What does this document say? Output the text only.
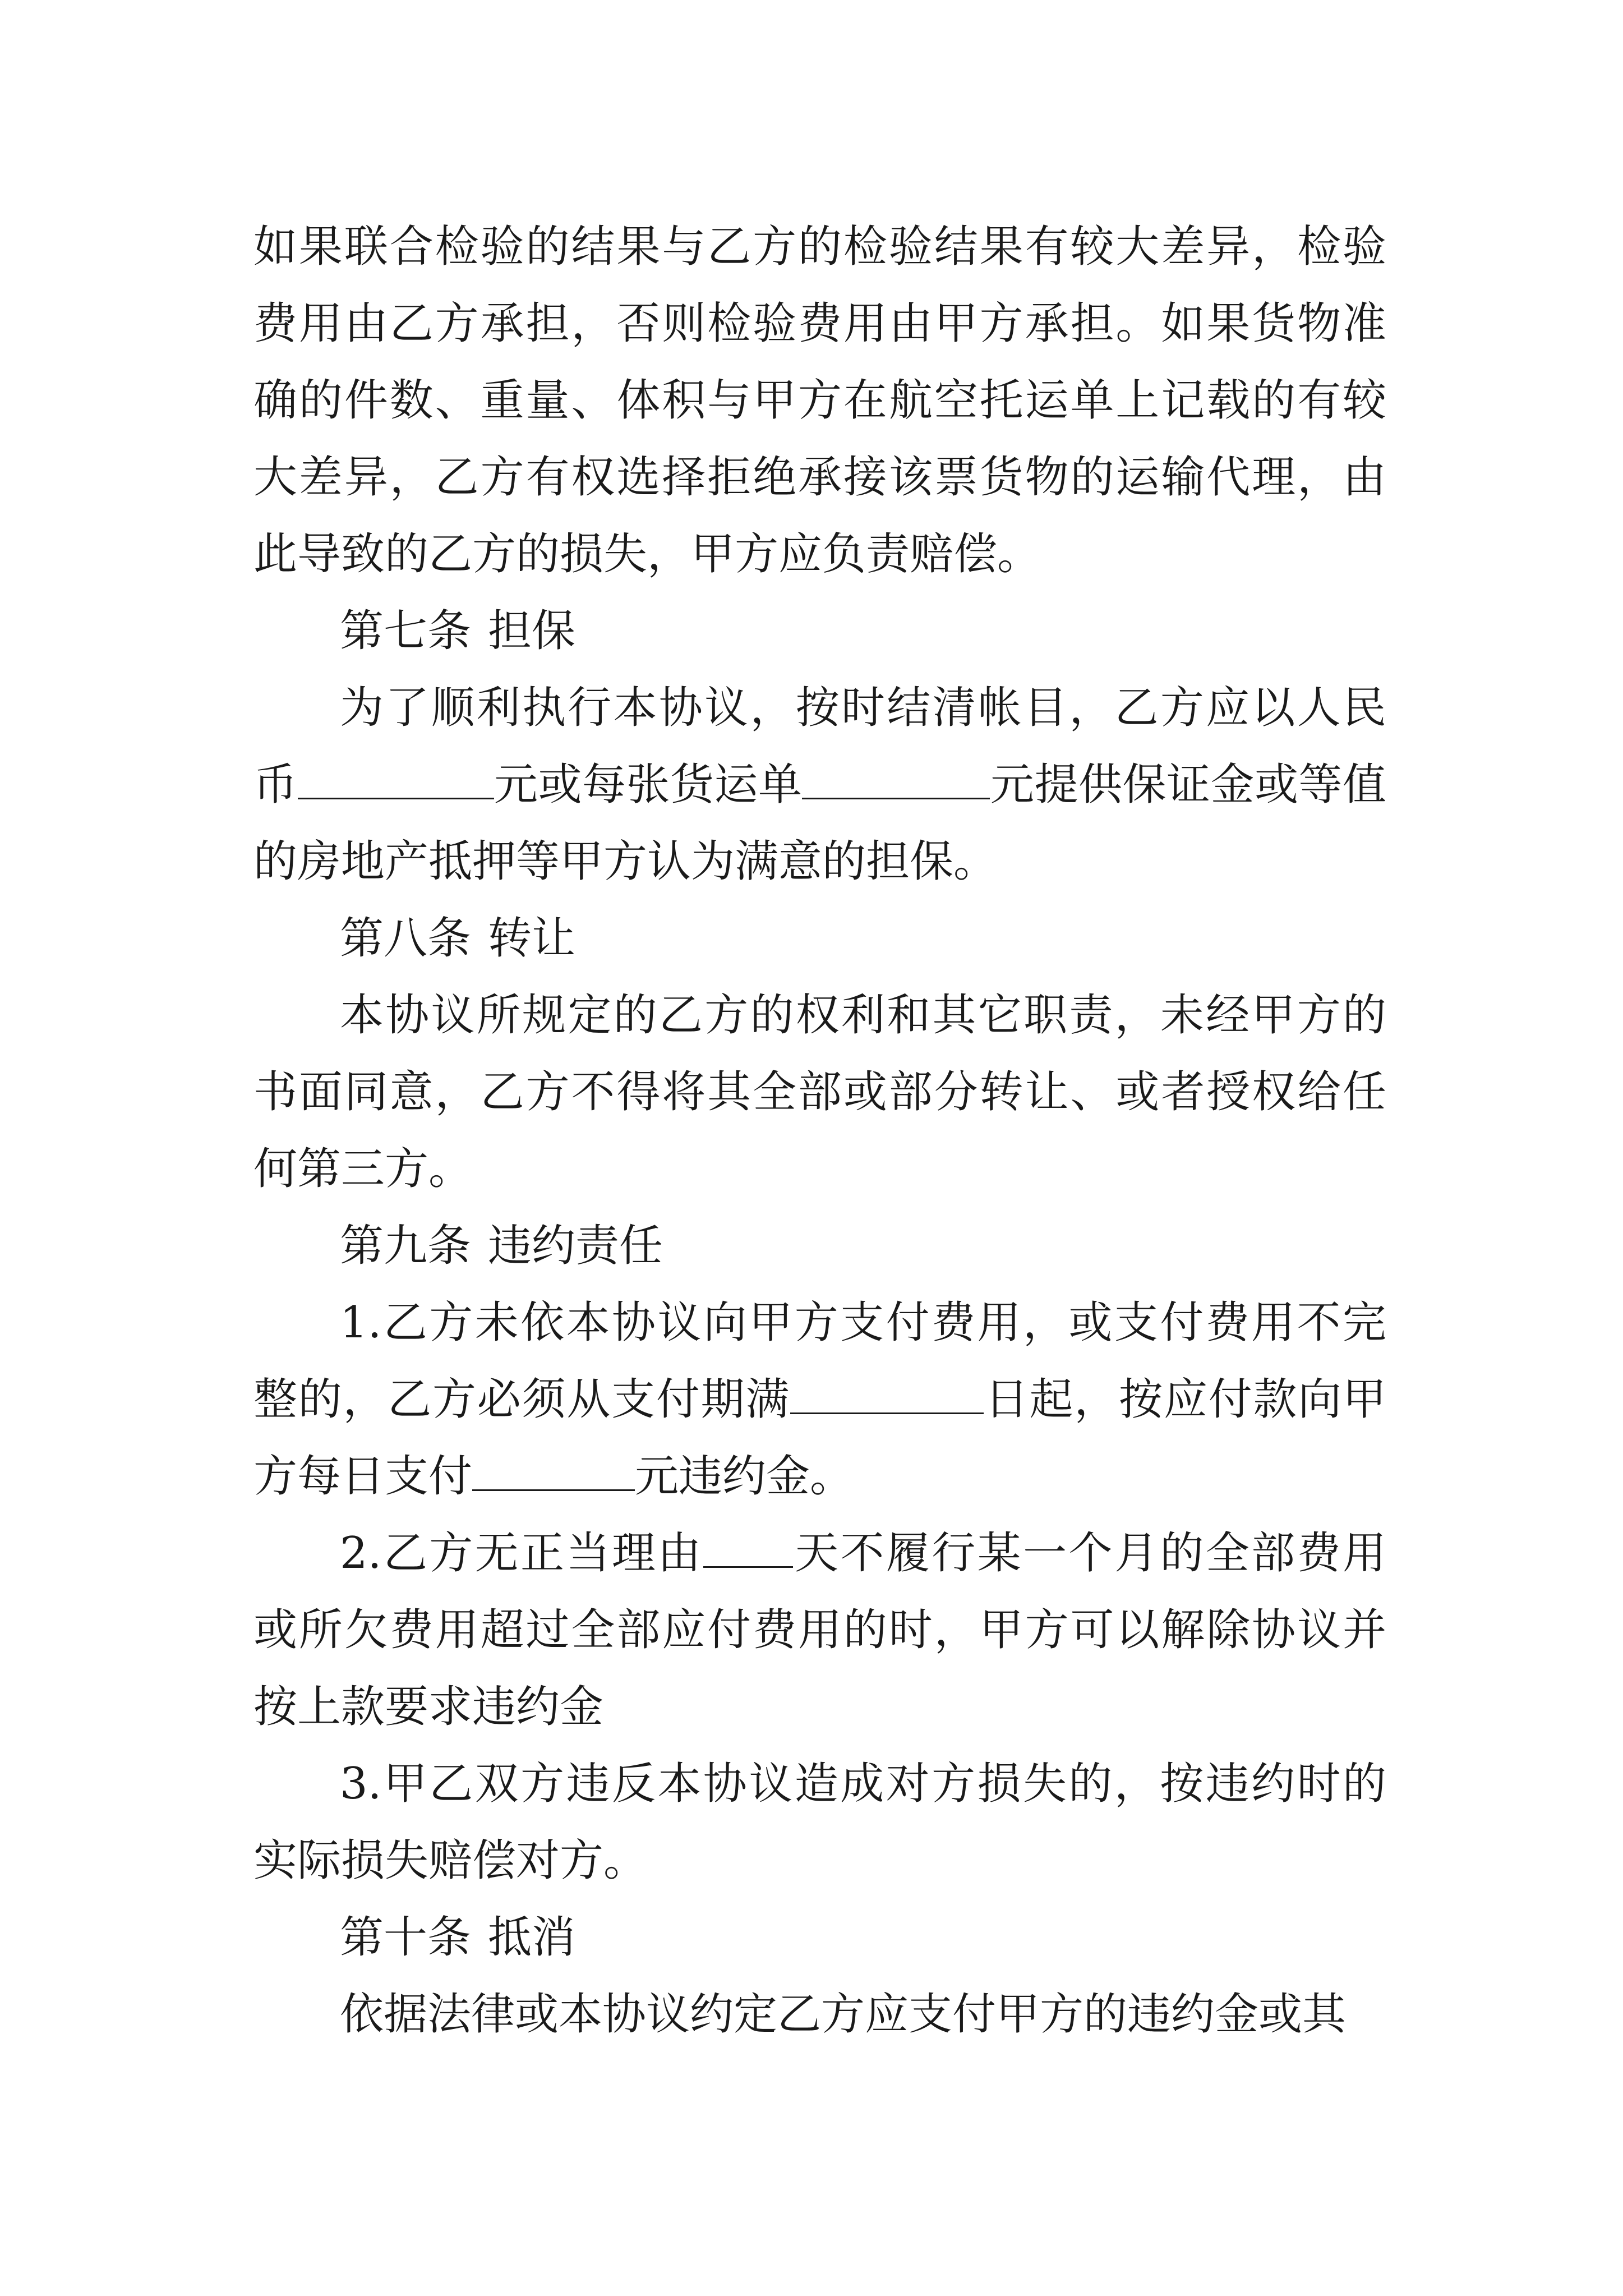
如果联合检验的结果与乙方的检验结果有较大差异，检验费用由乙方承担，否则检验费用由甲方承担。如果货物准确的件数、重量、体积与甲方在航空托运单上记载的有较大差异，乙方有权选择拒绝承接该票货物的运输代理，由此导致的乙方的损失，甲方应负责赔偿。

第七条 担保

为了顺利执行本协议，按时结清帐目，乙方应以人民币	元或每张货运单	元提供保证金或等值的房地产抵押等甲方认为满意的担保。

第八条 转让

本协议所规定的乙方的权利和其它职责，未经甲方的书面同意，乙方不得将其全部或部分转让、或者授权给任何第三方。

第九条 违约责任

1.乙方未依本协议向甲方支付费用，或支付费用不完整的，乙方必须从支付期满	日起，按应付款向甲方每日支付	元违约金。

2.乙方无正当理由 天不履行某一个月的全部费用或所欠费用超过全部应付费用的时，甲方可以解除协议并按上款要求违约金

3.甲乙双方违反本协议造成对方损失的，按违约时的实际损失赔偿对方。

第十条 抵消

依据法律或本协议约定乙方应支付甲方的违约金或其
